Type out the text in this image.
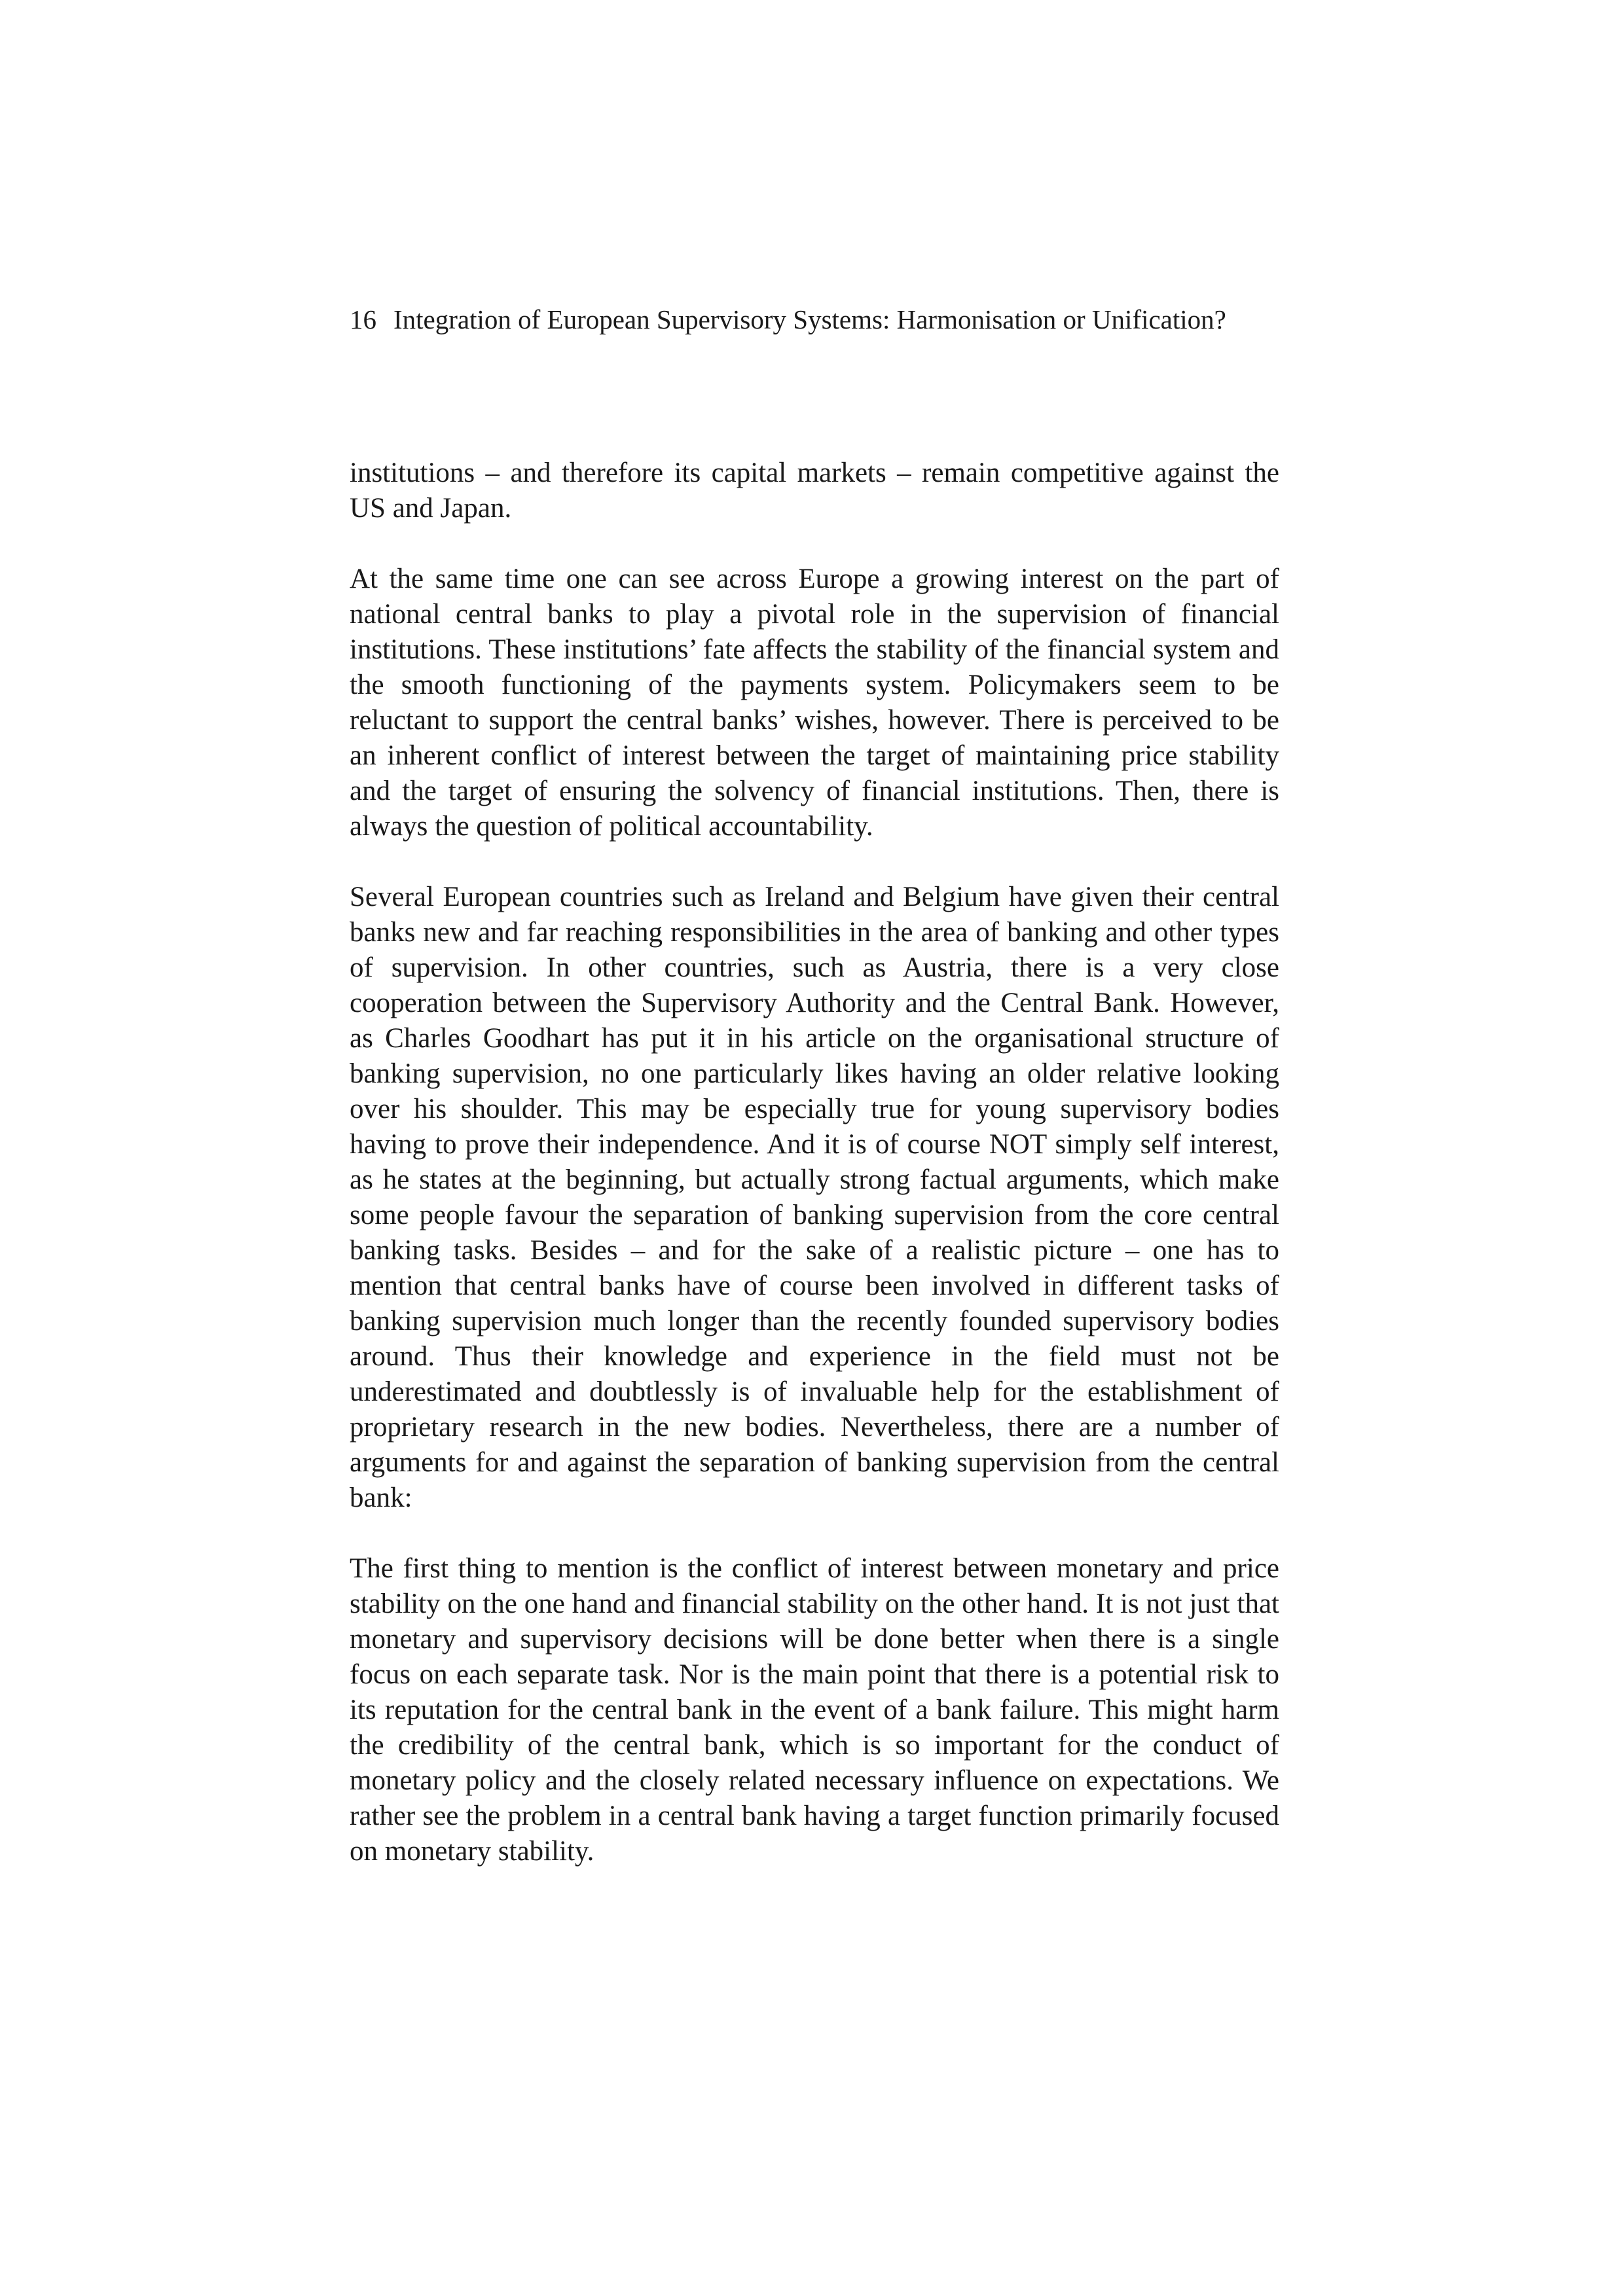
16 Integration of European Supervisory Systems: Harmonisation or Unification?

institutions – and therefore its capital markets – remain competitive against the US and Japan.

At the same time one can see across Europe a growing interest on the part of national central banks to play a pivotal role in the supervision of financial institutions. These institutions’ fate affects the stability of the financial system and the smooth functioning of the payments system. Policymakers seem to be reluctant to support the central banks’ wishes, however. There is perceived to be an inherent conflict of interest between the target of maintaining price stability and the target of ensuring the solvency of financial institutions. Then, there is always the question of political accountability.

Several European countries such as Ireland and Belgium have given their central banks new and far reaching responsibilities in the area of banking and other types of supervision. In other countries, such as Austria, there is a very close cooperation between the Supervisory Authority and the Central Bank. However, as Charles Goodhart has put it in his article on the organisational structure of banking supervision, no one particularly likes having an older relative looking over his shoulder. This may be especially true for young supervisory bodies having to prove their independence. And it is of course NOT simply self interest, as he states at the beginning, but actually strong factual arguments, which make some people favour the separation of banking supervision from the core central banking tasks. Besides – and for the sake of a realistic picture – one has to mention that central banks have of course been involved in different tasks of banking supervision much longer than the recently founded supervisory bodies around. Thus their knowledge and experience in the field must not be underestimated and doubtlessly is of invaluable help for the establishment of proprietary research in the new bodies. Nevertheless, there are a number of arguments for and against the separation of banking supervision from the central bank:

The first thing to mention is the conflict of interest between monetary and price stability on the one hand and financial stability on the other hand. It is not just that monetary and supervisory decisions will be done better when there is a single focus on each separate task. Nor is the main point that there is a potential risk to its reputation for the central bank in the event of a bank failure. This might harm the credibility of the central bank, which is so important for the conduct of monetary policy and the closely related necessary influence on expectations. We rather see the problem in a central bank having a target function primarily focused on monetary stability.
